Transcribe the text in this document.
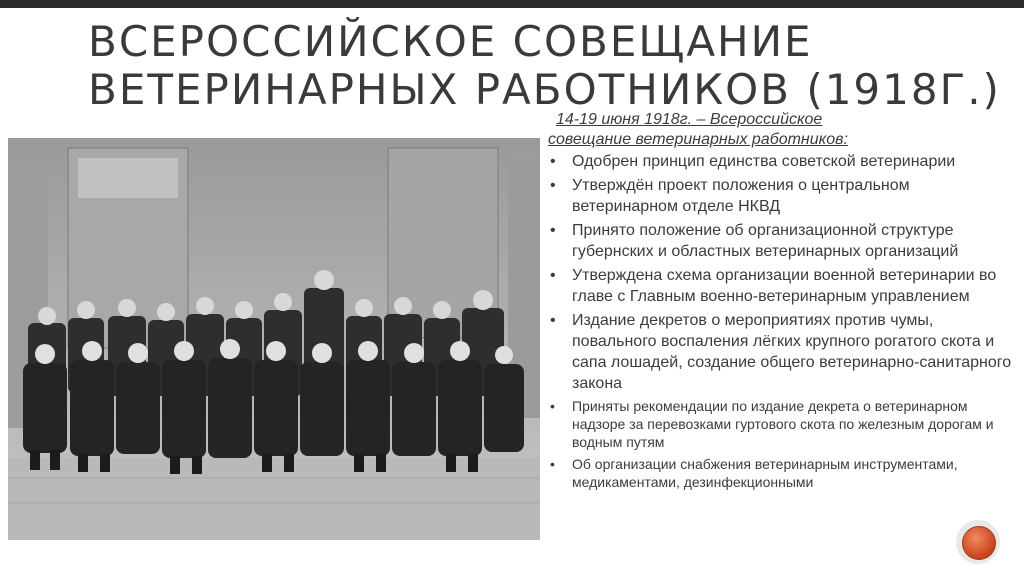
ВСЕРОССИЙСКОЕ СОВЕЩАНИЕ
ВЕТЕРИНАРНЫХ РАБОТНИКОВ (1918Г.)
14-19 июня 1918г. – Всероссийское
совещание ветеринарных работников:
• Одобрен принцип единства советской ветеринарии
• Утверждён проект положения о центральном ветеринарном отделе НКВД
• Принято положение об организационной структуре губернских и областных ветеринарных организаций
• Утверждена схема организации военной ветеринарии во главе с Главным военно-ветеринарным управлением
• Издание декретов о мероприятиях против чумы, повального воспаления лёгких крупного рогатого скота и сапа лошадей, создание общего ветеринарно-санитарного закона
• Приняты рекомендации по издание декрета о ветеринарном надзоре за перевозками гуртового скота по железным дорогам и водным путям
• Об организации снабжения ветеринарным инструментами, медикаментами, дезинфекционными
